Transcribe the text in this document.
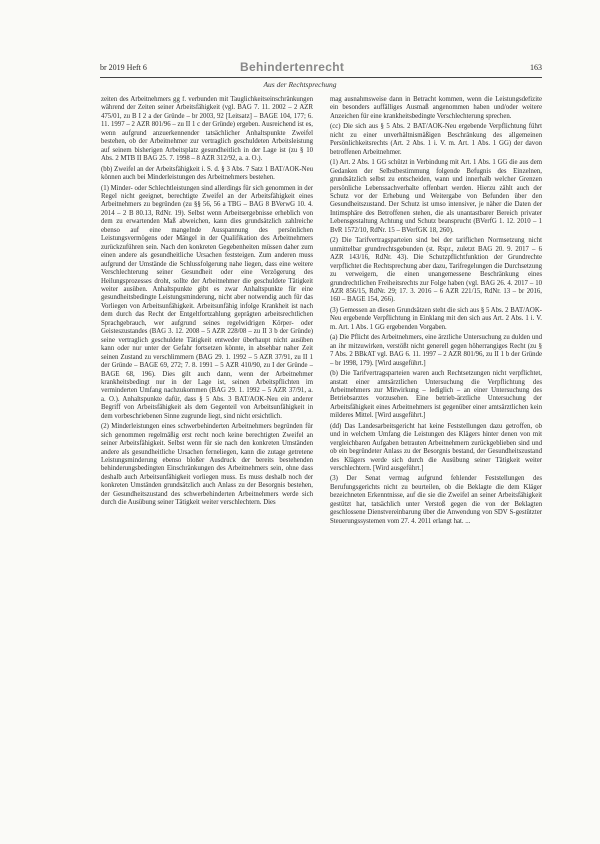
br 2019 Heft 6	Behindertenrecht	163
Aus der Rechtsprechung

zeiten des Arbeitnehmers gg f. verbunden mit Tauglichkeitseinschränkungen während der Zeiten seiner Arbeitsfähigkeit (vgl. BAG 7. 11. 2002 – 2 AZR 475/01, zu B I 2 a der Gründe – br 2003, 92 [Leitsatz] – BAGE 104, 177; 6. 11. 1997 – 2 AZR 801/96 – zu II 1 c der Gründe) ergeben. Ausreichend ist es, wenn aufgrund anzuerkennender tatsächlicher Anhaltspunkte Zweifel bestehen, ob der Arbeitnehmer zur vertraglich geschuldeten Arbeitsleistung auf seinem bisherigen Arbeitsplatz gesundheitlich in der Lage ist (zu § 10 Abs. 2 MTB II BAG 25. 7. 1998 – 8 AZR 312/92, a. a. O.).

(bb) Zweifel an der Arbeitsfähigkeit i. S. d. § 3 Abs. 7 Satz 1 BAT/AOK-Neu können auch bei Minderleistungen des Arbeitnehmers bestehen.

(1) Minder- oder Schlechtleistungen sind allerdings für sich genommen in der Regel nicht geeignet, berechtigte Zweifel an der Arbeitsfähigkeit eines Arbeitnehmers zu begründen (zu §§ 56, 56 a TBG – BAG 8 BVerwG 10. 4. 2014 – 2 B 80.13, RdNr. 19). Selbst wenn Arbeitsergebnisse erheblich von dem zu erwartenden Maß abweichen, kann dies grundsätzlich zahlreiche ebenso auf eine mangelnde Ausspannung des persönlichen Leistungsvermögens oder Mängel in der Qualifikation des Arbeitnehmers zurückzuführen sein. Nach den konkreten Gegebenheiten müssen daher zum einen andere als gesundheitliche Ursachen feststeigen. Zum anderen muss aufgrund der Umstände die Schlussfolgerung nahe liegen, dass eine weitere Verschlechterung seiner Gesundheit oder eine Verzögerung des Heilungsprozesses droht, sollte der Arbeitnehmer die geschuldete Tätigkeit weiter ausüben. Anhaltspunkte gibt es zwar Anhaltspunkte für eine gesundheitsbedingte Leistungsminderung, nicht aber notwendig auch für das Vorliegen von Arbeitsunfähigkeit. Arbeitsunfähig infolge Krankheit ist nach dem durch das Recht der Entgeltfortzahlung geprägten arbeitsrechtlichen Sprachgebrauch, wer aufgrund seines regelwidrigen Körper- oder Geisteszustandes (BAG 3. 12. 2008 – 5 AZR 228/08 – zu II 3 b der Gründe) seine vertraglich geschuldete Tätigkeit entweder überhaupt nicht ausüben kann oder nur unter der Gefahr fortsetzen könnte, in absehbar naher Zeit seinen Zustand zu verschlimmern (BAG 29. 1. 1992 – 5 AZR 37/91, zu II 1 der Gründe – BAGE 69, 272; 7. 8. 1991 – 5 AZR 410/90, zu I der Gründe – BAGE 68, 196). Dies gilt auch dann, wenn der Arbeitnehmer krankheitsbedingt nur in der Lage ist, seinen Arbeitspflichten im verminderten Umfang nachzukommen (BAG 29. 1. 1992 – 5 AZR 37/91, a. a. O.). Anhaltspunkte dafür, dass § 5 Abs. 3 BAT/AOK-Neu ein anderer Begriff von Arbeitsfähigkeit als dem Gegenteil von Arbeitsunfähigkeit in dem vorbeschriebenen Sinne zugrunde liegt, sind nicht ersichtlich.

(2) Minderleistungen eines schwerbehinderten Arbeitnehmers begründen für sich genommen regelmäßig erst recht noch keine berechtigten Zweifel an seiner Arbeitsfähigkeit. Selbst wenn für sie nach den konkreten Umständen andere als gesundheitliche Ursachen ferneliegen, kann die zutage getretene Leistungsminderung ebenso bloßer Ausdruck der bereits bestehenden behinderungsbedingten Einschränkungen des Arbeitnehmers sein, ohne dass deshalb auch Arbeitsunfähigkeit vorliegen muss. Es muss deshalb noch der konkreten Umständen grundsätzlich auch Anlass zu der Besorgnis bestehen, der Gesundheitszustand des schwerbehinderten Arbeitnehmers werde sich durch die Ausübung seiner Tätigkeit weiter verschlechtern. Dies

mag ausnahmsweise dann in Betracht kommen, wenn die Leistungsdefizite ein besonders auffälliges Ausmaß angenommen haben und/oder weitere Anzeichen für eine krankheitsbedingte Verschlechterung sprechen.

(cc) Die sich aus § 5 Abs. 2 BAT/AOK-Neu ergebende Verpflichtung führt nicht zu einer unverhältnismäßigen Beschränkung des allgemeinen Persönlichkeitsrechts (Art. 2 Abs. 1 i. V. m. Art. 1 Abs. 1 GG) der davon betroffenen Arbeitnehmer.

(1) Art. 2 Abs. 1 GG schützt in Verbindung mit Art. 1 Abs. 1 GG die aus dem Gedanken der Selbstbestimmung folgende Befugnis des Einzelnen, grundsätzlich selbst zu entscheiden, wann und innerhalb welcher Grenzen persönliche Lebenssachverhalte offenbart werden. Hierzu zählt auch der Schutz vor der Erhebung und Weitergabe von Befunden über den Gesundheitszustand. Der Schutz ist umso intensiver, je näher die Daten der Intimsphäre des Betroffenen stehen, die als unantastbarer Bereich privater Lebensgestaltung Achtung und Schutz beansprucht (BVerfG 1. 12. 2010 – 1 BvR 1572/10, RdNr. 15 – BVerfGK 18, 260).

(2) Die Tarifvertragsparteien sind bei der tariflichen Normsetzung nicht unmittelbar grundrechtsgebunden (st. Rspr., zuletzt BAG 20. 9. 2017 – 6 AZR 143/16, RdNr. 43). Die Schutzpflichtfunktion der Grundrechte verpflichtet die Rechtsprechung aber dazu, Tarifregelungen die Durchsetzung zu verweigern, die einen unangemessene Beschränkung eines grundrechtlichen Freiheitsrechts zur Folge haben (vgl. BAG 26. 4. 2017 – 10 AZR 856/15, RdNr. 29; 17. 3. 2016 – 6 AZR 221/15, RdNr. 13 – br 2016, 160 – BAGE 154, 266).

(3) Gemessen an diesen Grundsätzen steht die sich aus § 5 Abs. 2 BAT/AOK-Neu ergebende Verpflichtung in Einklang mit den sich aus Art. 2 Abs. 1 i. V. m. Art. 1 Abs. 1 GG ergebenden Vorgaben.

(a) Die Pflicht des Arbeitnehmers, eine ärztliche Untersuchung zu dulden und an ihr mitzuwirken, verstößt nicht generell gegen höherrangiges Recht (zu § 7 Abs. 2 BBkAT vgl. BAG 6. 11. 1997 – 2 AZR 801/96, zu II 1 b der Gründe – br 1998, 179). [Wird ausgeführt.]

(b) Die Tarifvertragsparteien waren auch Rechtsetzungen nicht verpflichtet, anstatt einer amtsärztlichen Untersuchung die Verpflichtung des Arbeitnehmers zur Mitwirkung – lediglich – an einer Untersuchung des Betriebsarztes vorzusehen. Eine betrieb-ärztliche Untersuchung der Arbeitsfähigkeit eines Arbeitnehmers ist gegenüber einer amtsärztlichen kein milderes Mittel. [Wird ausgeführt.]

(dd) Das Landesarbeitsgericht hat keine Feststellungen dazu getroffen, ob und in welchem Umfang die Leistungen des Klägers hinter denen von mit vergleichbaren Aufgaben betrauten Arbeitnehmern zurückgeblieben sind und ob ein begründeter Anlass zu der Besorgnis bestand, der Gesundheitszustand des Klägers werde sich durch die Ausübung seiner Tätigkeit weiter verschlechtern. [Wird ausgeführt.]

(3) Der Senat vermag aufgrund fehlender Feststellungen des Berufungsgerichts nicht zu beurteilen, ob die Beklagte die dem Kläger bezeichneten Erkenntnisse, auf die sie die Zweifel an seiner Arbeitsfähigkeit gestützt hat, tatsächlich unter Verstoß gegen die von der Beklagten geschlossene Dienstvereinbarung über die Anwendung von SDV S-gestützter Steuerungssystemen vom 27. 4. 2011 erlangt hat. ...
